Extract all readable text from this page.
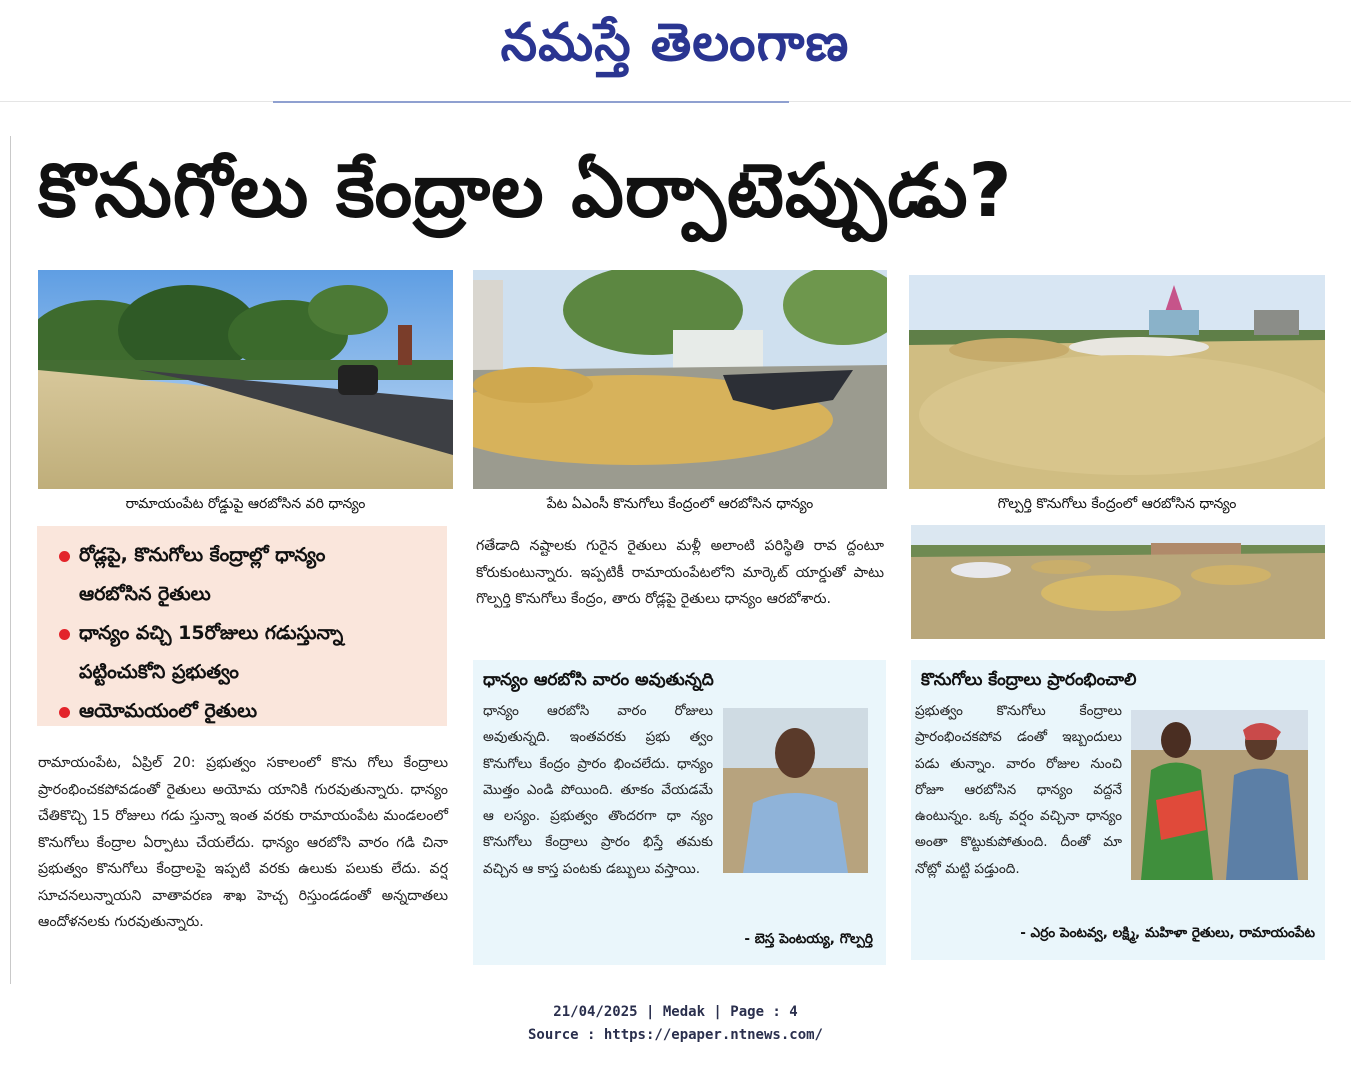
నమస్తే తెలంగాణ
కొనుగోలు కేంద్రాల ఏర్పాటెప్పుడు?
రామాయంపేట రోడ్డుపై ఆరబోసిన వరి ధాన్యం	పేట ఏఎంసీ కొనుగోలు కేంద్రంలో ఆరబోసిన ధాన్యం	గొల్పర్తి కొనుగోలు కేంద్రంలో ఆరబోసిన ధాన్యం
రోడ్లపై, కొనుగోలు కేంద్రాల్లో ధాన్యం
ఆరబోసిన రైతులు
ధాన్యం వచ్చి 15రోజులు గడుస్తున్నా
పట్టించుకోని ప్రభుత్వం
ఆయోమయంలో రైతులు
రామాయంపేట, ఏప్రిల్ 20: ప్రభుత్వం సకాలంలో కొను గోలు కేంద్రాలు ప్రారంభించకపోవడంతో రైతులు అయోమ యానికి గురవుతున్నారు. ధాన్యం చేతికొచ్చి 15 రోజులు గడు స్తున్నా ఇంత వరకు రామాయంపేట మండలంలో కొనుగోలు కేంద్రాల ఏర్పాటు చేయలేదు. ధాన్యం ఆరబోసి వారం గడి చినా ప్రభుత్వం కొనుగోలు కేంద్రాలపై ఇప్పటి వరకు ఉలుకు పలుకు లేదు. వర్ష సూచనలున్నాయని వాతావరణ శాఖ హెచ్చ రిస్తుండడంతో అన్నదాతలు ఆందోళనలకు గురవుతున్నారు.
గతేడాది నష్టాలకు గురైన రైతులు మళ్లీ అలాంటి పరిస్థితి రావ ద్దంటూ కోరుకుంటున్నారు. ఇప్పటికీ రామాయంపేటలోని మార్కెట్ యార్డుతో పాటు గొల్పర్తి కొనుగోలు కేంద్రం, తారు రోడ్లపై రైతులు ధాన్యం ఆరబోశారు.
ధాన్యం ఆరబోసి వారం అవుతున్నది
ధాన్యం ఆరబోసి వారం రోజులు అవుతున్నది. ఇంతవరకు ప్రభు త్వం కొనుగోలు కేంద్రం ప్రారం భించలేదు. ధాన్యం మొత్తం ఎండి పోయింది. తూకం వేయడమే ఆ లస్యం. ప్రభుత్వం తొందరగా ధా న్యం కొనుగోలు కేంద్రాలు ప్రారం భిస్తే తమకు వచ్చిన ఆ కాస్త పంటకు డబ్బులు వస్తాయి.
- బెస్త పెంటయ్య, గొల్పర్తి
కొనుగోలు కేంద్రాలు ప్రారంభించాలి
ప్రభుత్వం కొనుగోలు కేంద్రాలు ప్రారంభించకపోవ డంతో ఇబ్బందులు పడు తున్నాం. వారం రోజుల నుంచి రోజూ ఆరబోసిన ధాన్యం వద్దనే ఉంటున్నం. ఒక్క వర్షం వచ్చినా ధాన్యం అంతా కొట్టుకుపోతుంది. దీంతో మా నోట్లో మట్టి పడ్తుంది.
- ఎర్రం పెంటవ్వ, లక్ష్మి, మహిళా రైతులు, రామాయంపేట
21/04/2025 | Medak | Page : 4
Source : https://epaper.ntnews.com/
